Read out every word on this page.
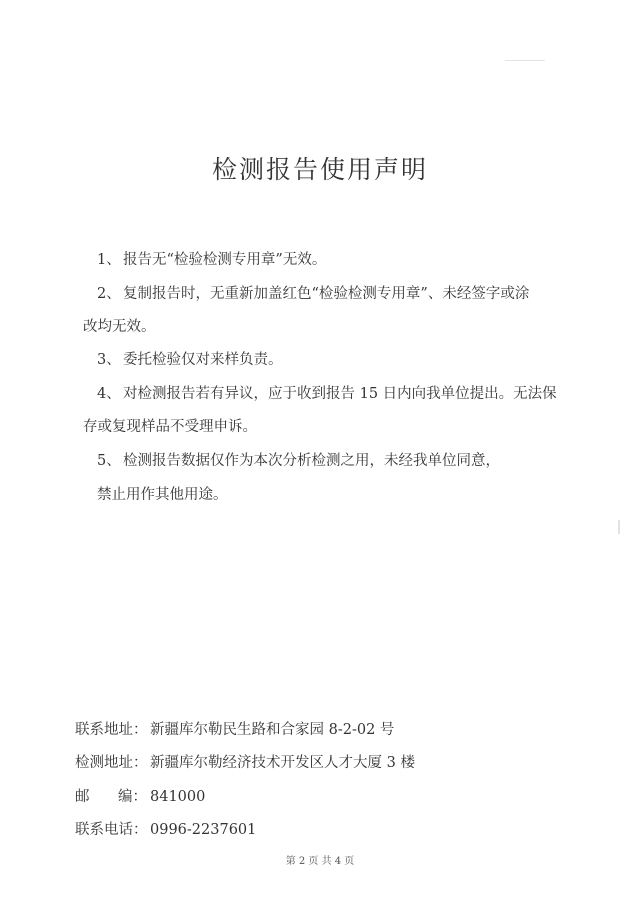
检测报告使用声明
1、 报告无“检验检测专用章”无效。
2、 复制报告时，无重新加盖红色“检验检测专用章”、未经签字或涂
改均无效。
3、 委托检验仅对来样负责。
4、 对检测报告若有异议，应于收到报告 15 日内向我单位提出。无法保
存或复现样品不受理申诉。
5、 检测报告数据仅作为本次分析检测之用，未经我单位同意，
禁止用作其他用途。
联系地址： 新疆库尔勒民生路和合家园 8-2-02 号
检测地址： 新疆库尔勒经济技术开发区人才大厦 3 楼
邮 编： 841000
联系电话： 0996-2237601
第 2 页 共 4 页
